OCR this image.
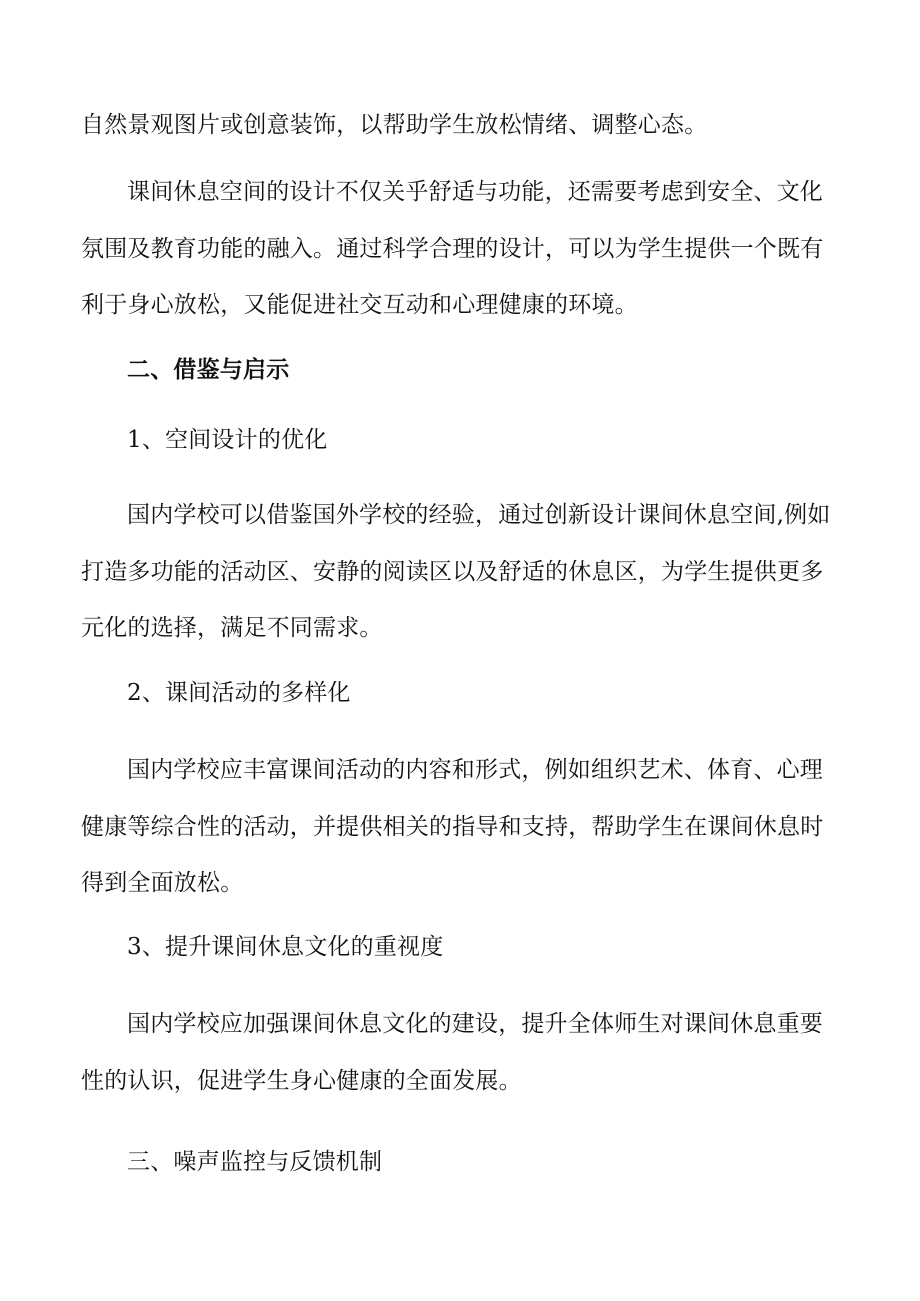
自然景观图片或创意装饰，以帮助学生放松情绪、调整心态。

课间休息空间的设计不仅关乎舒适与功能，还需要考虑到安全、文化氛围及教育功能的融入。通过科学合理的设计，可以为学生提供一个既有利于身心放松，又能促进社交互动和心理健康的环境。

二、借鉴与启示

1、空间设计的优化

国内学校可以借鉴国外学校的经验，通过创新设计课间休息空间,例如打造多功能的活动区、安静的阅读区以及舒适的休息区，为学生提供更多元化的选择，满足不同需求。

2、课间活动的多样化

国内学校应丰富课间活动的内容和形式，例如组织艺术、体育、心理健康等综合性的活动，并提供相关的指导和支持，帮助学生在课间休息时得到全面放松。

3、提升课间休息文化的重视度

国内学校应加强课间休息文化的建设，提升全体师生对课间休息重要性的认识，促进学生身心健康的全面发展。

三、噪声监控与反馈机制
